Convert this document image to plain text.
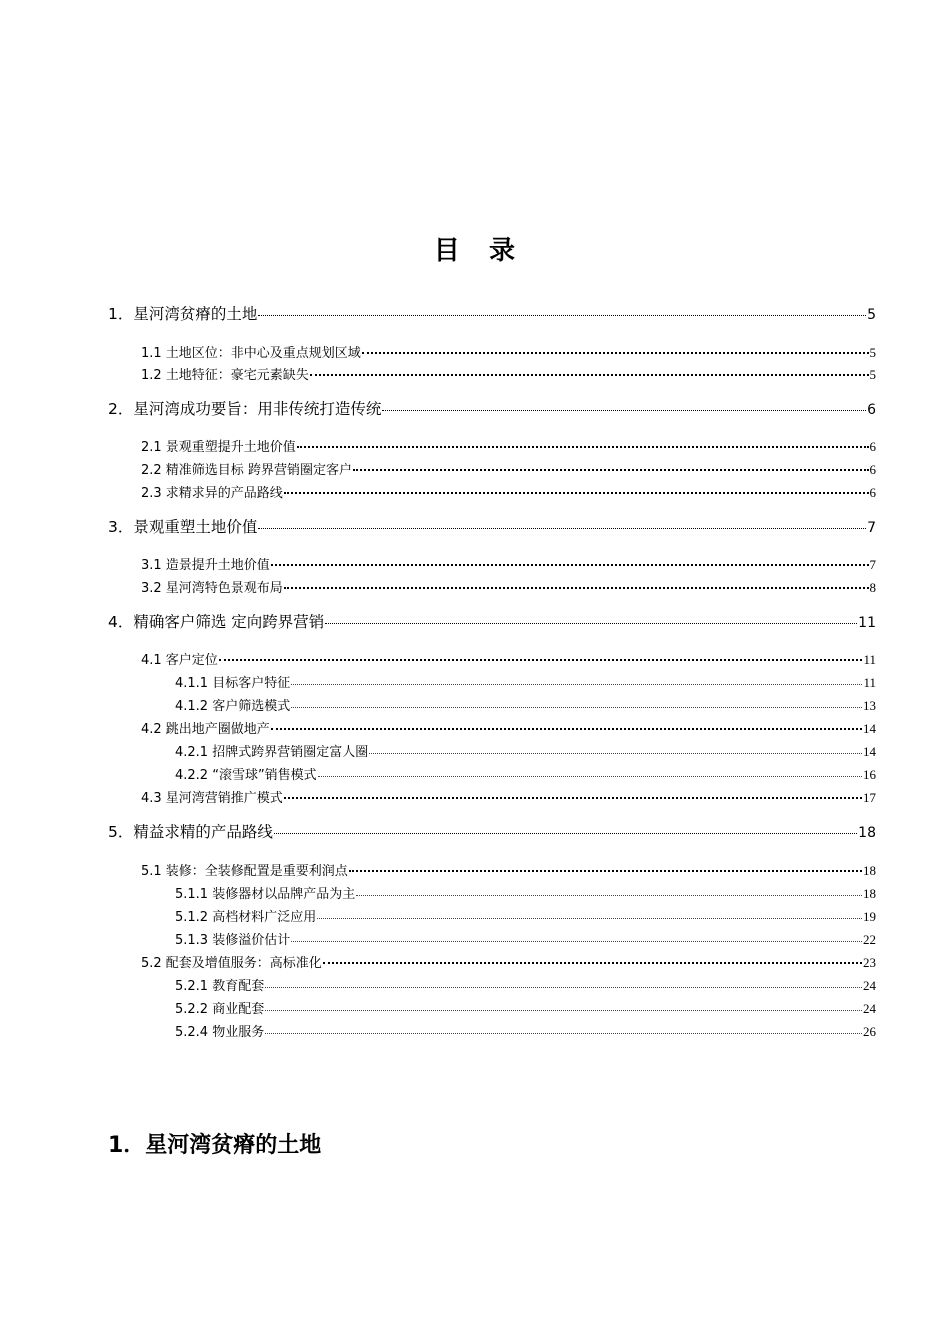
目 录
1．星河湾贫瘠的土地	5
1.1 土地区位：非中心及重点规划区域	5
1.2 土地特征：豪宅元素缺失	5
2．星河湾成功要旨：用非传统打造传统	6
2.1 景观重塑提升土地价值	6
2.2 精准筛选目标 跨界营销圈定客户	6
2.3 求精求异的产品路线	6
3．景观重塑土地价值	7
3.1 造景提升土地价值	7
3.2 星河湾特色景观布局	8
4．精确客户筛选 定向跨界营销	11
4.1 客户定位	11
4.1.1 目标客户特征	11
4.1.2 客户筛选模式	13
4.2 跳出地产圈做地产	14
4.2.1 招牌式跨界营销圈定富人圈	14
4.2.2 “滚雪球”销售模式	16
4.3 星河湾营销推广模式	17
5．精益求精的产品路线	18
5.1 装修：全装修配置是重要利润点	18
5.1.1 装修器材以品牌产品为主	18
5.1.2 高档材料广泛应用	19
5.1.3 装修溢价估计	22
5.2 配套及增值服务：高标准化	23
5.2.1 教育配套	24
5.2.2 商业配套	24
5.2.4 物业服务	26
1．星河湾贫瘠的土地
